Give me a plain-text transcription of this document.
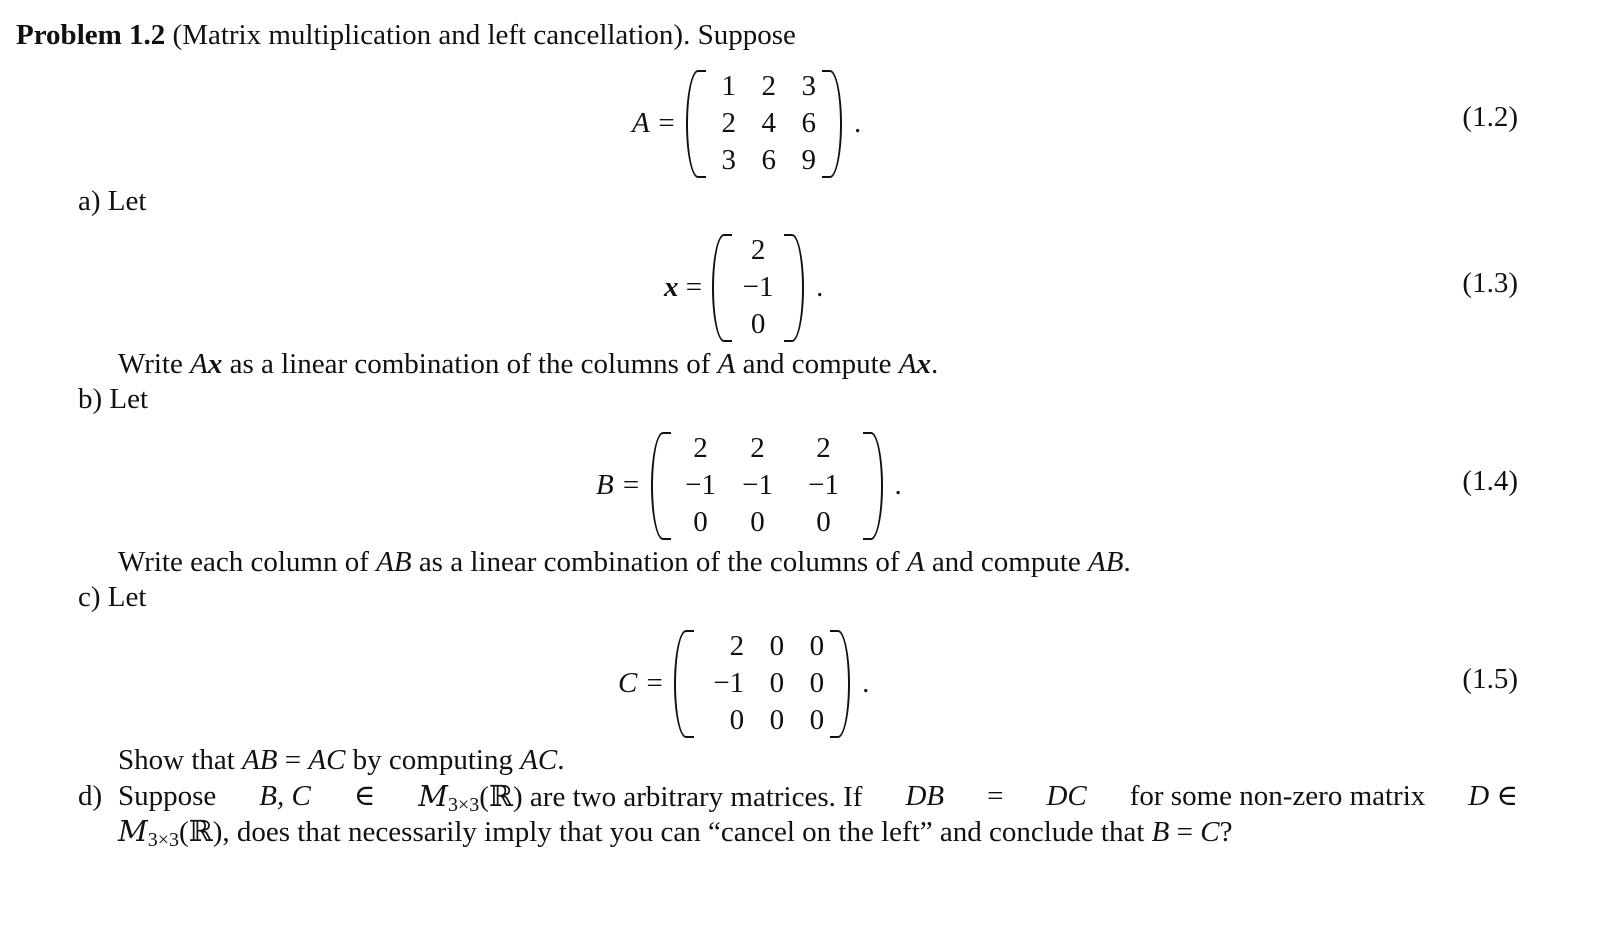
Problem 1.2 (Matrix multiplication and left cancellation). Suppose
A =
1 2 3
2 4 6
3 6 9
.	(1.2)
a) Let
x =
2
−1
0
.	(1.3)
Write Ax as a linear combination of the columns of A and compute Ax.
b) Let
B =
2 2 2
−1 −1 −1
0 0 0
.	(1.4)
Write each column of AB as a linear combination of the columns of A and compute AB.
c) Let
C =
2 0 0
−1 0 0
0 0 0
.	(1.5)
Show that AB = AC by computing AC.
d) Suppose B, C ∈ $M_{3\times 3}(ℝ)$ are two arbitrary matrices. If DB = DC for some non-zero matrix D ∈
$M_{3\times 3}(ℝ)$, does that necessarily imply that you can “cancel on the left” and conclude that B = C?
